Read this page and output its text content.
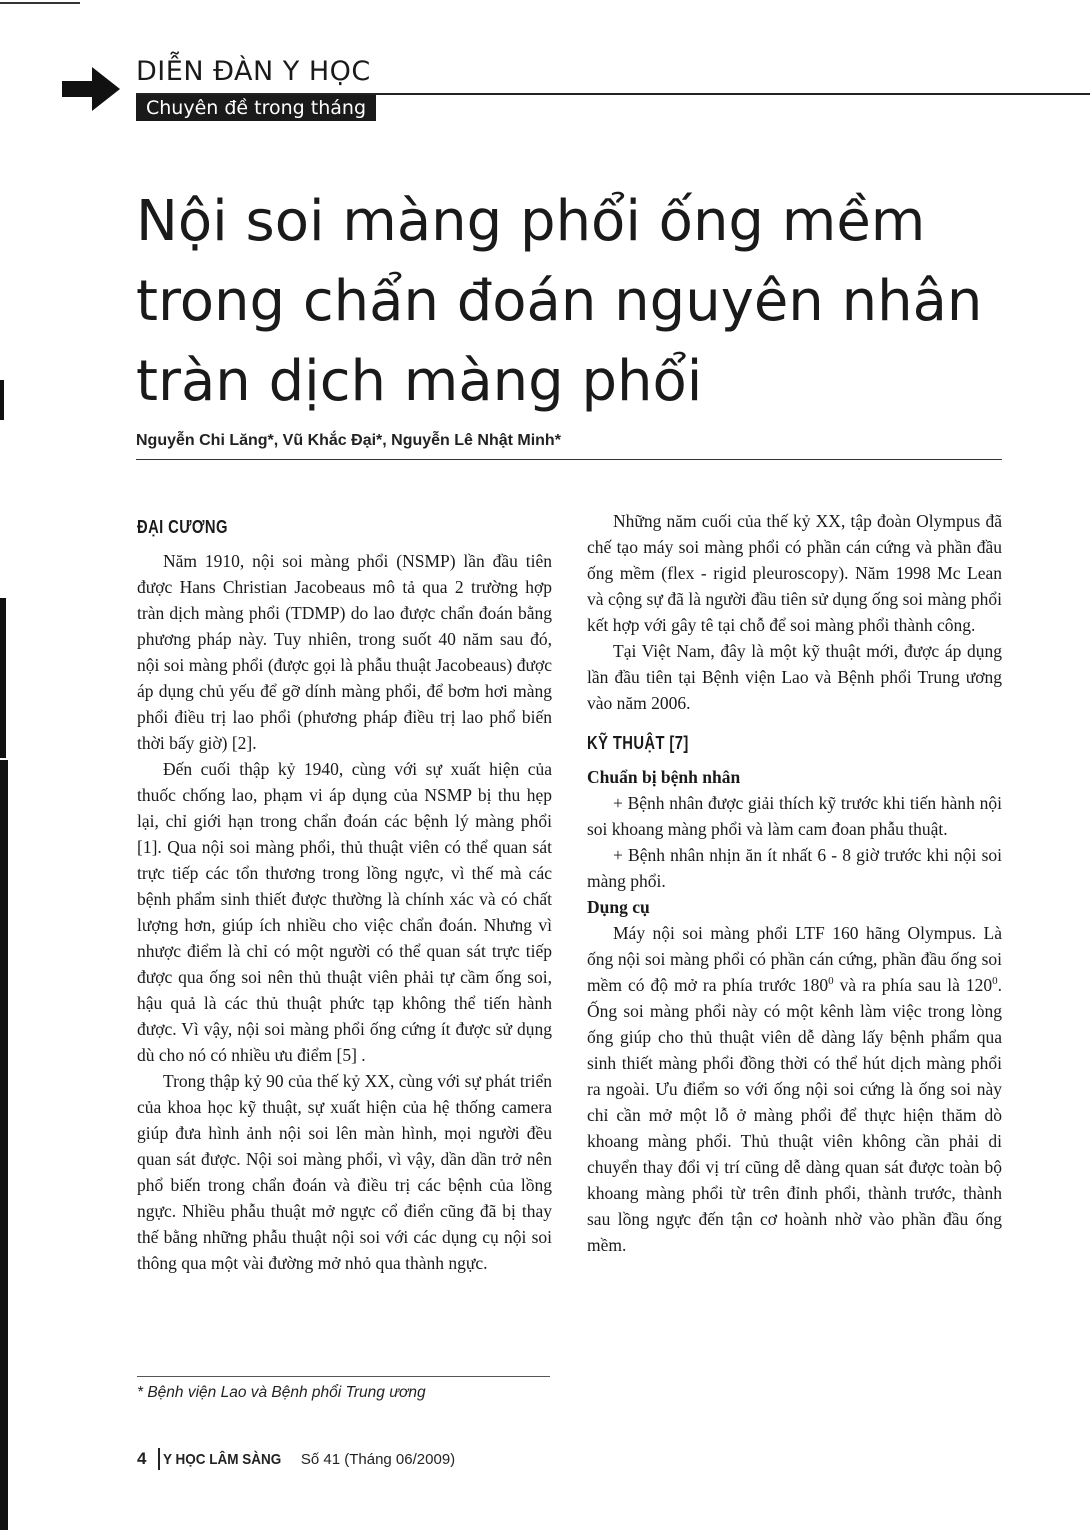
DIỄN ĐÀN Y HỌC
Chuyên đề trong tháng
Nội soi màng phổi ống mềm
trong chẩn đoán nguyên nhân
tràn dịch màng phổi
Nguyễn Chi Lăng*, Vũ Khắc Đại*, Nguyễn Lê Nhật Minh*
ĐẠI CƯƠNG

Năm 1910, nội soi màng phổi (NSMP) lần đầu tiên được Hans Christian Jacobeaus mô tả qua 2 trường hợp tràn dịch màng phổi (TDMP) do lao được chẩn đoán bằng phương pháp này. Tuy nhiên, trong suốt 40 năm sau đó, nội soi màng phổi (được gọi là phẫu thuật Jacobeaus) được áp dụng chủ yếu để gỡ dính màng phổi, để bơm hơi màng phổi điều trị lao phổi (phương pháp điều trị lao phổ biến thời bấy giờ) [2].

Đến cuối thập kỷ 1940, cùng với sự xuất hiện của thuốc chống lao, phạm vi áp dụng của NSMP bị thu hẹp lại, chỉ giới hạn trong chẩn đoán các bệnh lý màng phổi [1]. Qua nội soi màng phổi, thủ thuật viên có thể quan sát trực tiếp các tổn thương trong lồng ngực, vì thế mà các bệnh phẩm sinh thiết được thường là chính xác và có chất lượng hơn, giúp ích nhiều cho việc chẩn đoán. Nhưng vì nhược điểm là chỉ có một người có thể quan sát trực tiếp được qua ống soi nên thủ thuật viên phải tự cầm ống soi, hậu quả là các thủ thuật phức tạp không thể tiến hành được. Vì vậy, nội soi màng phổi ống cứng ít được sử dụng dù cho nó có nhiều ưu điểm [5] .

Trong thập kỷ 90 của thế kỷ XX, cùng với sự phát triển của khoa học kỹ thuật, sự xuất hiện của hệ thống camera giúp đưa hình ảnh nội soi lên màn hình, mọi người đều quan sát được. Nội soi màng phổi, vì vậy, dần dần trở nên phổ biến trong chẩn đoán và điều trị các bệnh của lồng ngực. Nhiều phẫu thuật mở ngực cổ điển cũng đã bị thay thế bằng những phẫu thuật nội soi với các dụng cụ nội soi thông qua một vài đường mở nhỏ qua thành ngực.

Những năm cuối của thế kỷ XX, tập đoàn Olympus đã chế tạo máy soi màng phổi có phần cán cứng và phần đầu ống mềm (flex - rigid pleuroscopy). Năm 1998 Mc Lean và cộng sự đã là người đầu tiên sử dụng ống soi màng phổi kết hợp với gây tê tại chỗ để soi màng phổi thành công.

Tại Việt Nam, đây là một kỹ thuật mới, được áp dụng lần đầu tiên tại Bệnh viện Lao và Bệnh phổi Trung ương vào năm 2006.

KỸ THUẬT [7]

Chuẩn bị bệnh nhân

+ Bệnh nhân được giải thích kỹ trước khi tiến hành nội soi khoang màng phổi và làm cam đoan phẫu thuật.

+ Bệnh nhân nhịn ăn ít nhất 6 - 8 giờ trước khi nội soi màng phổi.

Dụng cụ

Máy nội soi màng phổi LTF 160 hãng Olympus. Là ống nội soi màng phổi có phần cán cứng, phần đầu ống soi mềm có độ mở ra phía trước $180^0$ và ra phía sau là $120^0$. Ống soi màng phổi này có một kênh làm việc trong lòng ống giúp cho thủ thuật viên dễ dàng lấy bệnh phẩm qua sinh thiết màng phổi đồng thời có thể hút dịch màng phổi ra ngoài. Ưu điểm so với ống nội soi cứng là ống soi này chỉ cần mở một lỗ ở màng phổi để thực hiện thăm dò khoang màng phổi. Thủ thuật viên không cần phải di chuyển thay đổi vị trí cũng dễ dàng quan sát được toàn bộ khoang màng phổi từ trên đỉnh phổi, thành trước, thành sau lồng ngực đến tận cơ hoành nhờ vào phần đầu ống mềm.

* Bệnh viện Lao và Bệnh phổi Trung ương
4 Y HỌC LÂM SÀNG Số 41 (Tháng 06/2009)
